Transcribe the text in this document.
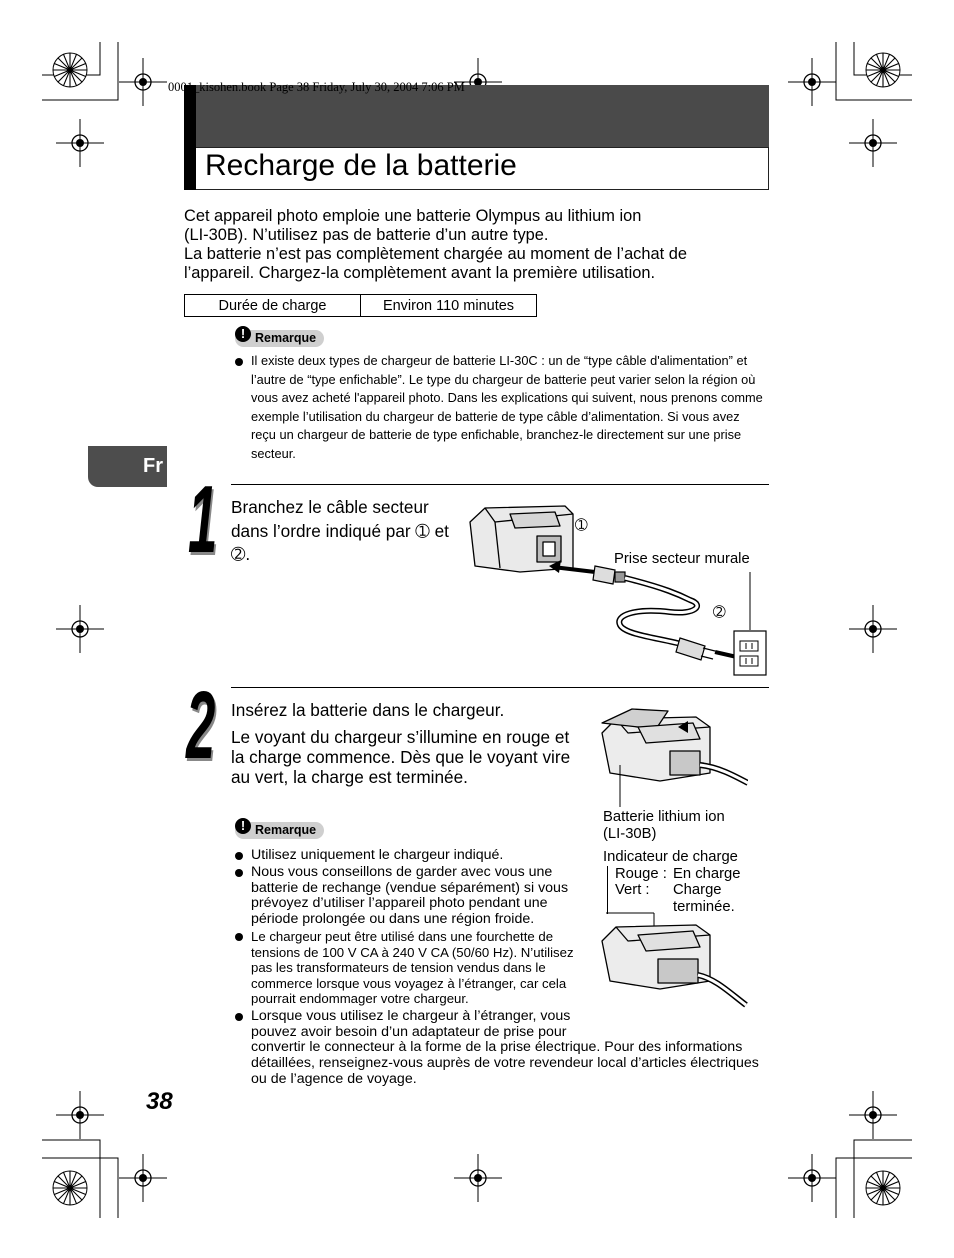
0001_kisohen.book Page 38 Friday, July 30, 2004 7:06 PM
Recharge de la batterie

Cet appareil photo emploie une batterie Olympus au lithium ion

(LI-30B). N’utilisez pas de batterie d’un autre type.

La batterie n’est pas complètement chargée au moment de l’achat de

l’appareil. Chargez-la complètement avant la première utilisation.

Durée de charge	Environ 110 minutes
Remarque
!
Il existe deux types de chargeur de batterie LI-30C : un de “type câble d'alimentation” et l’autre de “type enfichable”. Le type du chargeur de batterie peut varier selon la région où vous avez acheté l'appareil photo. Dans les explications qui suivent, nous prenons comme exemple l’utilisation du chargeur de batterie de type câble d’alimentation. Si vous avez reçu un chargeur de batterie de type enfichable, branchez-le directement sur une prise secteur.
Fr 1 Branchez le câble secteur dans l’ordre indiqué par ➀ et ➁.
➀
Prise secteur murale
➁
2 Insérez la batterie dans le chargeur.
Le voyant du chargeur s’illumine en rouge et la charge commence. Dès que le voyant vire au vert, la charge est terminée.
Batterie lithium ion
(LI-30B)
Indicateur de charge
Rouge : En charge
Vert : Charge
terminée.
Remarque
!
Utilisez uniquement le chargeur indiqué.
Nous vous conseillons de garder avec vous une batterie de rechange (vendue séparément) si vous prévoyez d’utiliser l’appareil photo pendant une période prolongée ou dans une région froide.
Le chargeur peut être utilisé dans une fourchette de tensions de 100 V CA à 240 V CA (50/60 Hz). N’utilisez pas les transformateurs de tension vendus dans le commerce lorsque vous voyagez à l’étranger, car cela pourrait endommager votre chargeur.
Lorsque vous utilisez le chargeur à l’étranger, vous pouvez avoir besoin d’un adaptateur de prise pour convertir le connecteur à la forme de la prise électrique. Pour des informations détaillées, renseignez-vous auprès de votre revendeur local d’articles électriques ou de l’agence de voyage.
38
